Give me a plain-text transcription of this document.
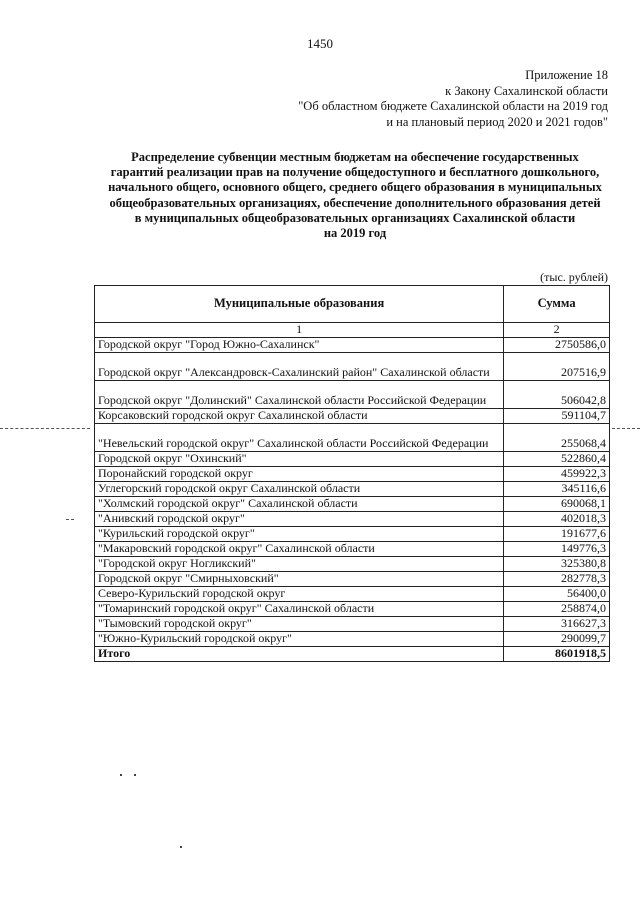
1450
Приложение 18
к Закону Сахалинской области
"Об областном бюджете Сахалинской области на 2019 год
и на плановый период 2020 и 2021 годов"
Распределение субвенции местным бюджетам на обеспечение государственных
гарантий реализации прав на получение общедоступного и бесплатного дошкольного,
начального общего, основного общего, среднего общего образования в муниципальных
общеобразовательных организациях, обеспечение дополнительного образования детей
в муниципальных общеобразовательных организациях Сахалинской области
на 2019 год
(тыс. рублей)
Муниципальные образования	Сумма
1	2
Городской округ "Город Южно-Сахалинск"	2750586,0
Городской округ "Александровск-Сахалинский район" Сахалинской области	207516,9
Городской округ "Долинский" Сахалинской области Российской Федерации	506042,8
Корсаковский городской округ Сахалинской области	591104,7
"Невельский городской округ" Сахалинской области Российской Федерации	255068,4
Городской округ "Охинский"	522860,4
Поронайский городской округ	459922,3
Углегорский городской округ Сахалинской области	345116,6
"Холмский городской округ" Сахалинской области	690068,1
"Анивский городской округ"	402018,3
"Курильский городской округ"	191677,6
"Макаровский городской округ" Сахалинской области	149776,3
"Городской округ Ногликский"	325380,8
Городской округ "Смирныховский"	282778,3
Северо-Курильский городской округ	56400,0
"Томаринский городской округ" Сахалинской области	258874,0
"Тымовский городской округ"	316627,3
"Южно-Курильский городской округ"	290099,7
Итого	8601918,5
